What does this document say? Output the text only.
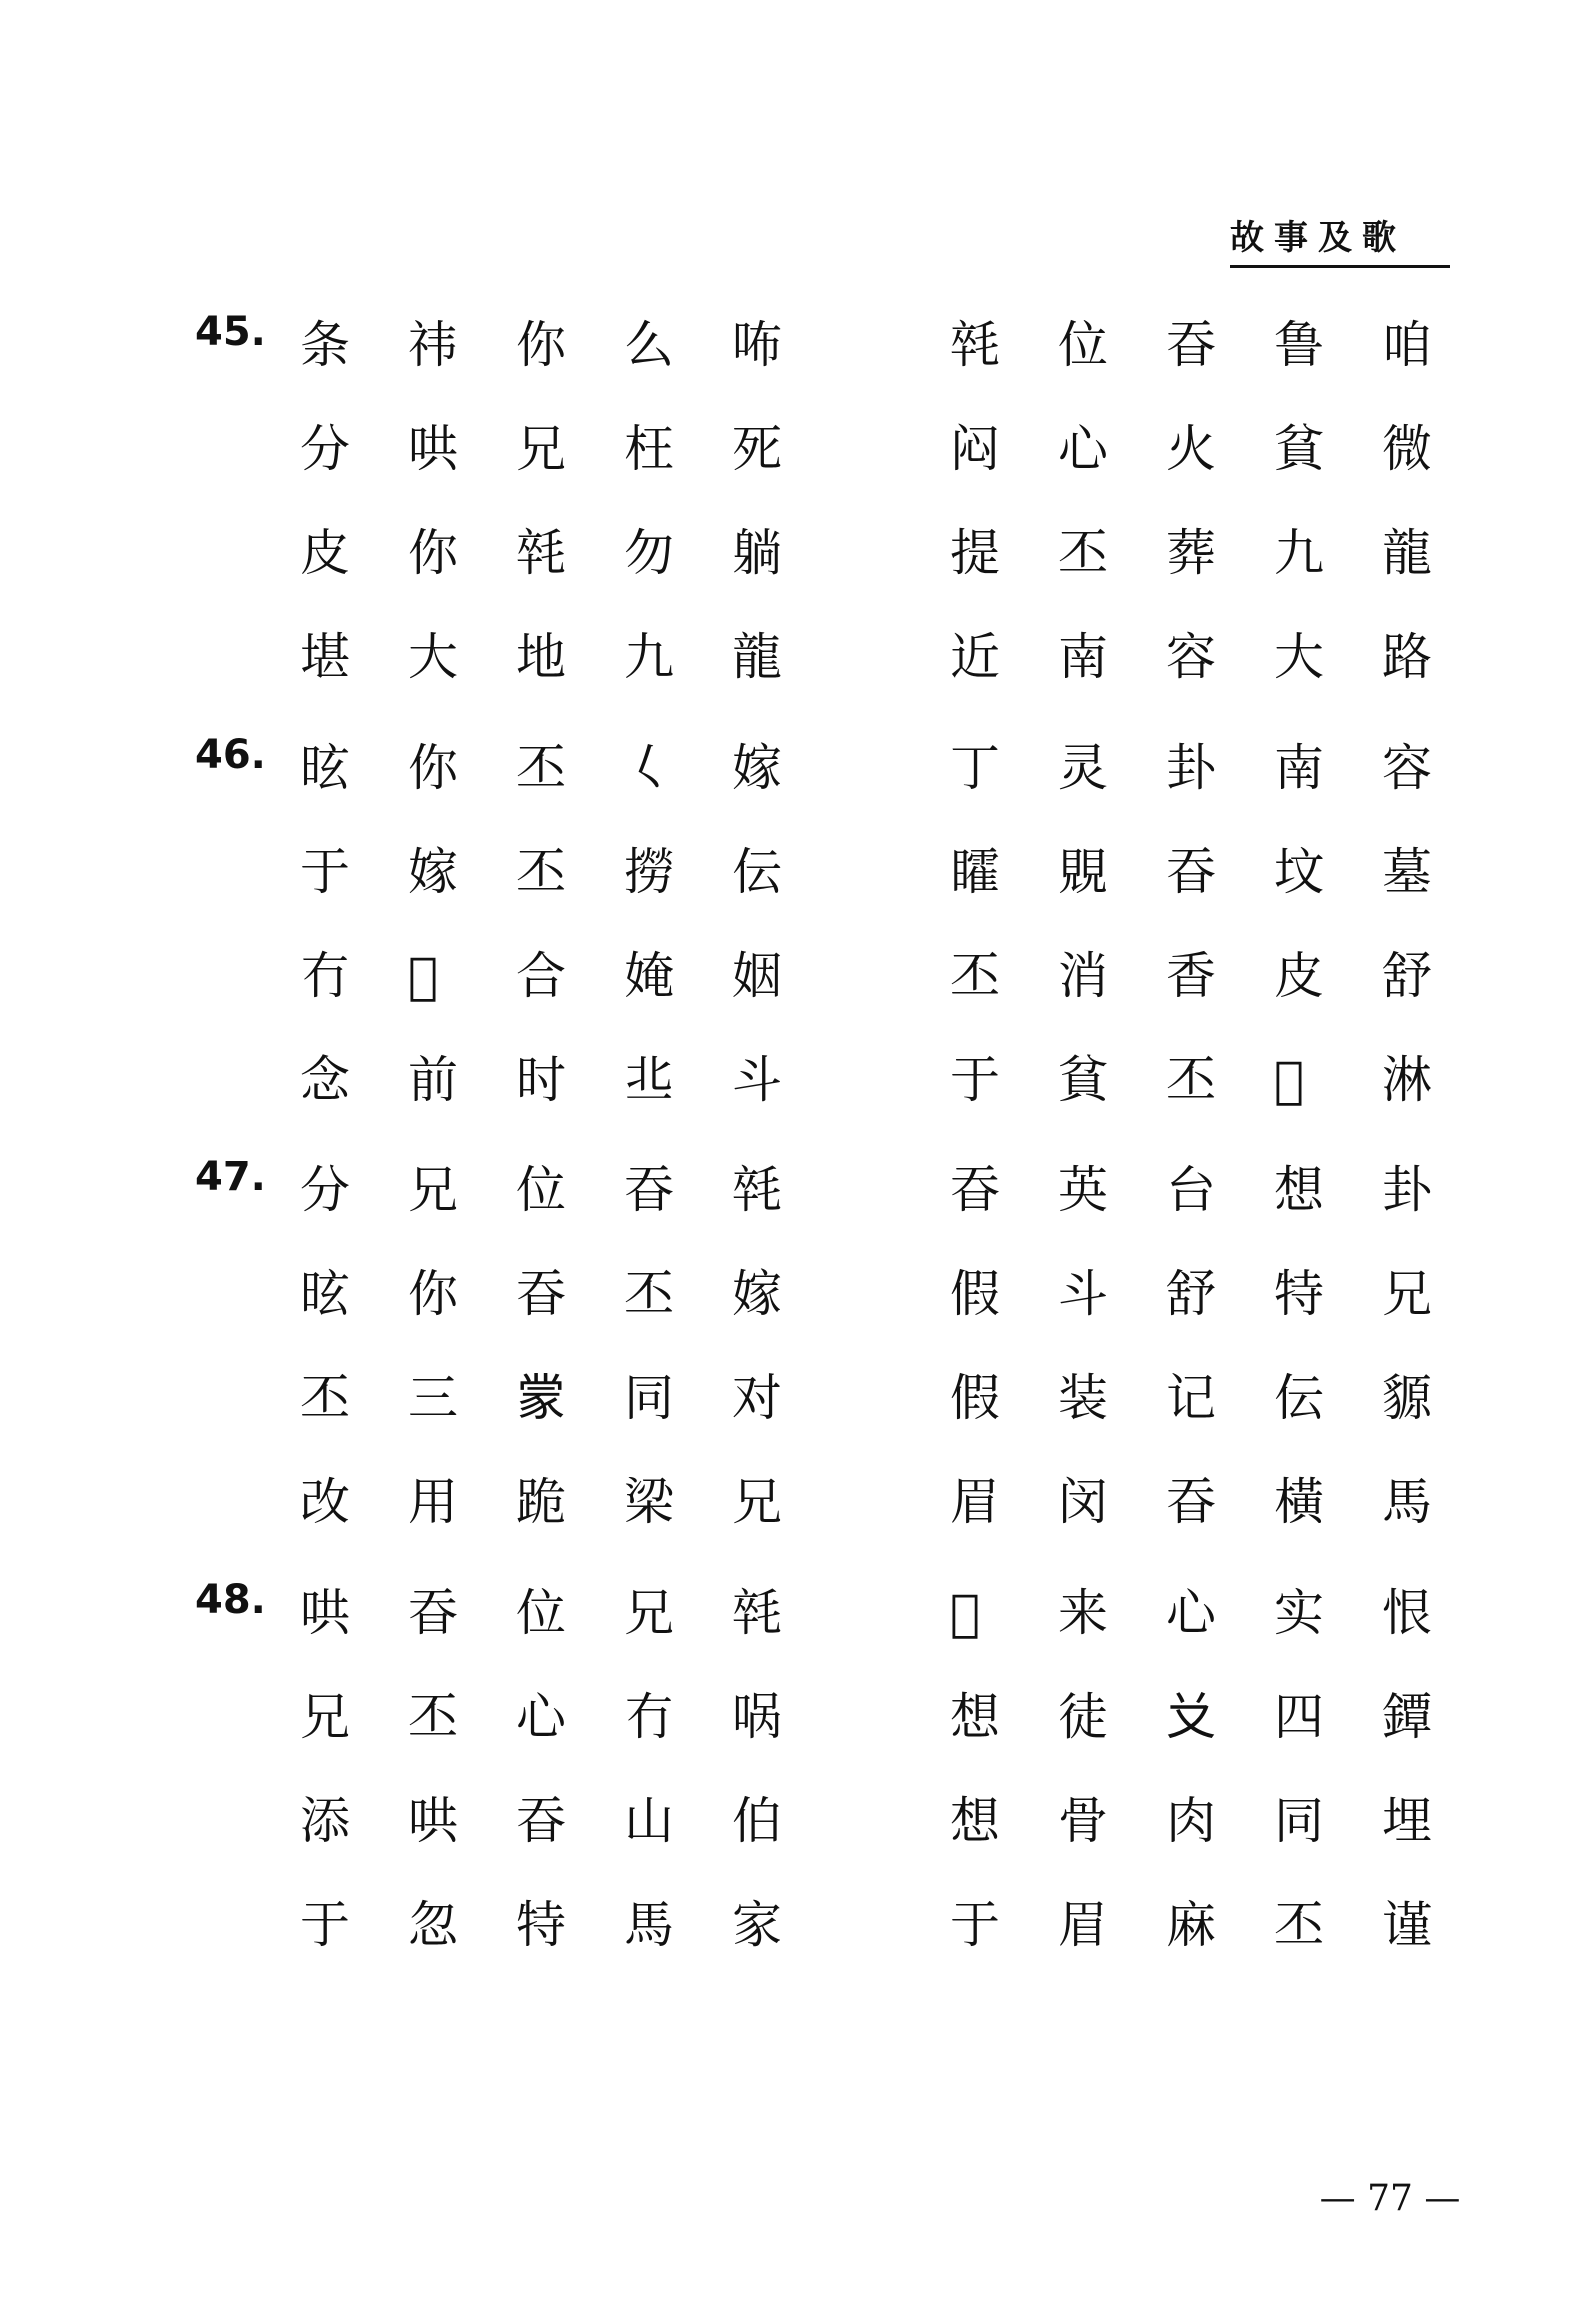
故事及歌
45. 条	祎	你	么	咘	㲞	位	昋	鲁	咱
分	哄	兄	枉	死	闷	心	火	貧	微
皮	你	㲞	勿	躺	提	丕	葬	九	龍
堪	大	地	九	龍	近	南	容	大	路
46. 昡	你	丕	𡿨	嫁	丁	灵	卦	南	容
于	嫁	丕	撈	伝	矐	覞	昋	坟	墓
冇	𡗶	合	㛪	姻	丕	消	香	皮	舒
念	前	时	丠	斗	于	貧	丕	𡗶	淋
47. 分	兄	位	昋	㲞	昋	英	台	想	卦
昡	你	昋	丕	嫁	假	斗	舒	特	兄
丕	三	𫎇	同	对	假	装	记	伝	䝠
改	用	跪	梁	兄	眉	闵	昋	橫	馬
48. 哄	昋	位	兄	㲞	𪜀	来	心	实	恨
兄	丕	心	冇	㖞	想	徒	𠬠	四	鐔
添	哄	昋	山	伯	想	骨	肉	同	埋
于	忽	特	馬	家	于	眉	麻	丕	谨
— 77 —
